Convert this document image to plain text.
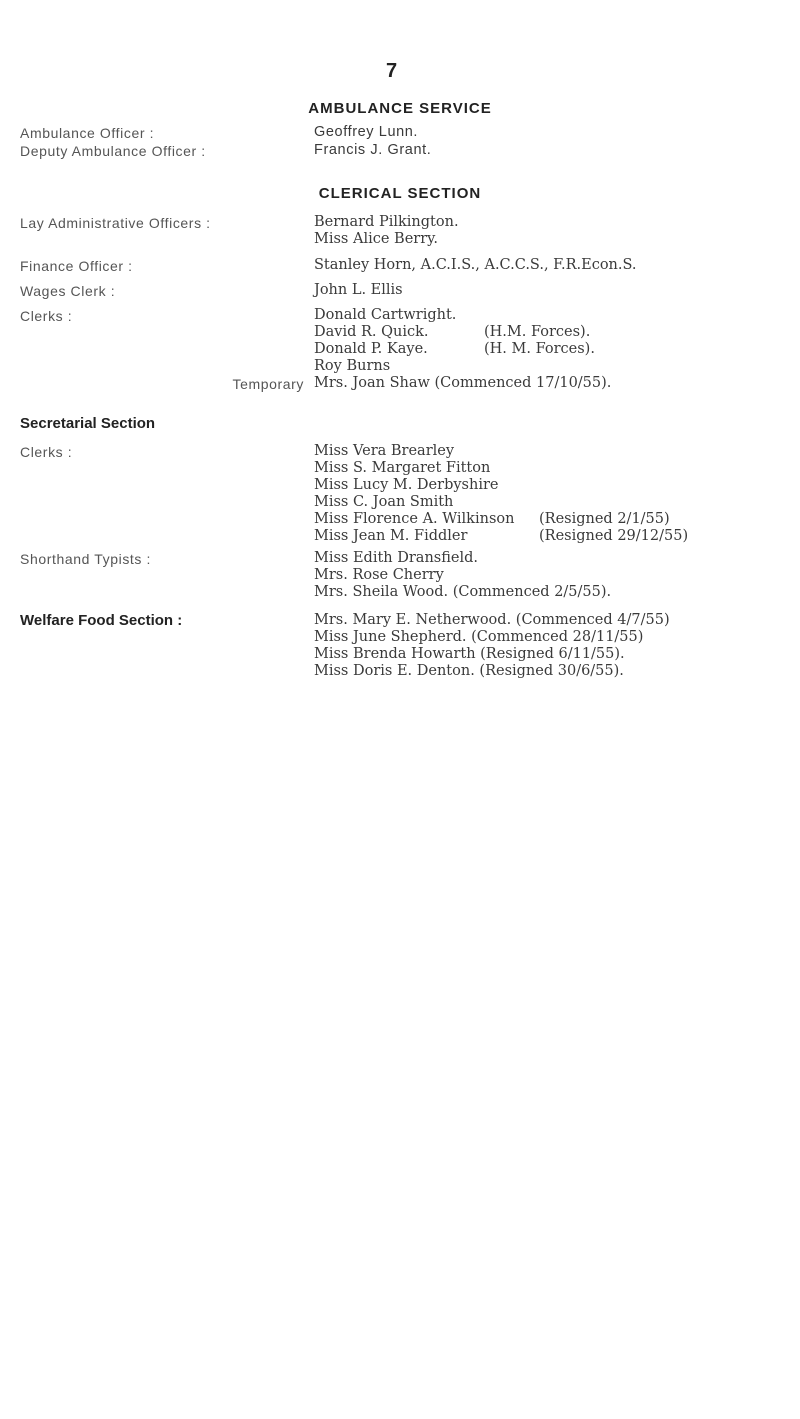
7
AMBULANCE SERVICE
Ambulance Officer :	Geoffrey Lunn.
Deputy Ambulance Officer :	Francis J. Grant.
CLERICAL SECTION
Lay Administrative Officers :	Bernard Pilkington.
Miss Alice Berry.
Finance Officer :	Stanley Horn, A.C.I.S., A.C.C.S., F.R.Econ.S.
Wages Clerk :	John L. Ellis
Clerks :	Donald Cartwright.
David R. Quick.	(H.M. Forces).
Donald P. Kaye.	(H. M. Forces).
Roy Burns
Temporary Mrs. Joan Shaw (Commenced 17/10/55).
Secretarial Section
Clerks :	Miss Vera Brearley
Miss S. Margaret Fitton
Miss Lucy M. Derbyshire
Miss C. Joan Smith
Miss Florence A. Wilkinson (Resigned 2/1/55)
Miss Jean M. Fiddler	(Resigned 29/12/55)
Shorthand Typists :	Miss Edith Dransfield.
Mrs. Rose Cherry
Mrs. Sheila Wood. (Commenced 2/5/55).
Welfare Food Section :	Mrs. Mary E. Netherwood. (Commenced 4/7/55)
Miss June Shepherd. (Commenced 28/11/55)
Miss Brenda Howarth (Resigned 6/11/55).
Miss Doris E. Denton. (Resigned 30/6/55).
